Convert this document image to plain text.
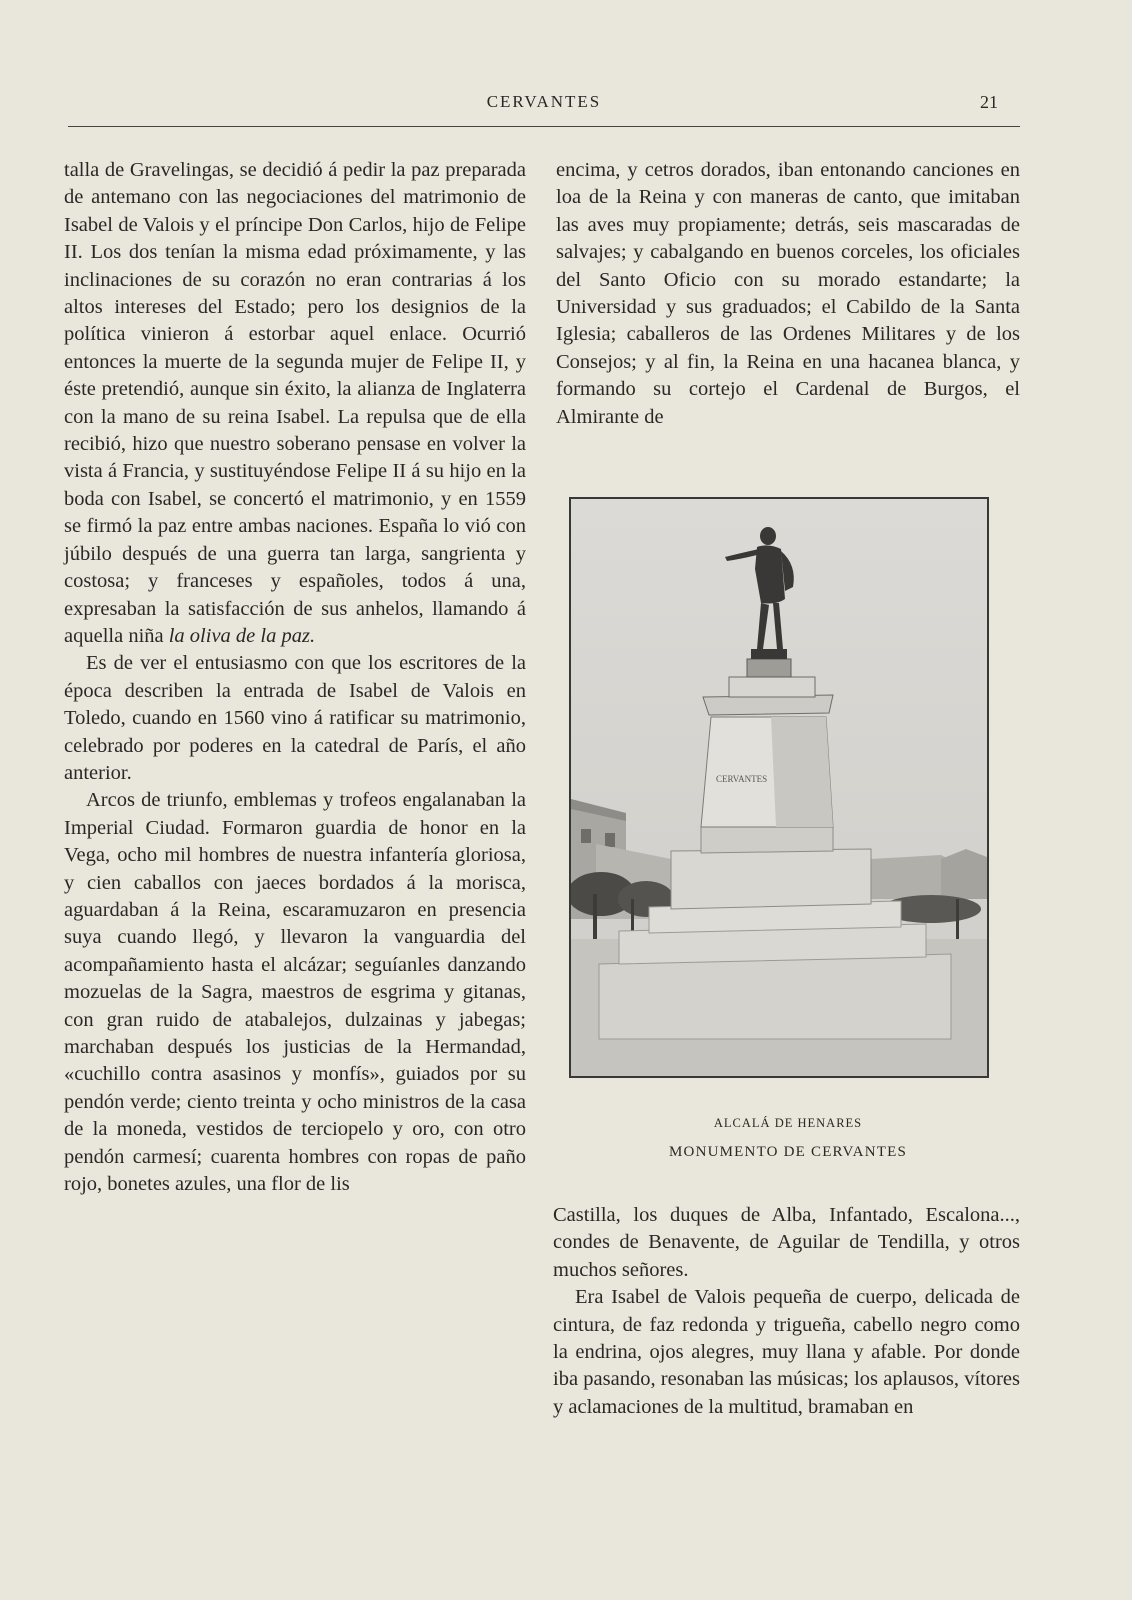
CERVANTES	21

talla de Gravelingas, se decidió á pedir la paz preparada de antemano con las negociaciones del matrimonio de Isabel de Valois y el príncipe Don Carlos, hijo de Felipe II. Los dos tenían la misma edad próximamente, y las inclinaciones de su corazón no eran contrarias á los altos intereses del Estado; pero los designios de la política vinieron á estorbar aquel enlace. Ocurrió entonces la muerte de la segunda mujer de Felipe II, y éste pretendió, aunque sin éxito, la alianza de Inglaterra con la mano de su reina Isabel. La repulsa que de ella recibió, hizo que nuestro soberano pensase en volver la vista á Francia, y sustituyéndose Felipe II á su hijo en la boda con Isabel, se concertó el matrimonio, y en 1559 se firmó la paz entre ambas naciones. España lo vió con júbilo después de una guerra tan larga, sangrienta y costosa; y franceses y españoles, todos á una, expresaban la satisfacción de sus anhelos, llamando á aquella niña la oliva de la paz.

Es de ver el entusiasmo con que los escritores de la época describen la entrada de Isabel de Valois en Toledo, cuando en 1560 vino á ratificar su matrimonio, celebrado por poderes en la catedral de París, el año anterior.

Arcos de triunfo, emblemas y trofeos engalanaban la Imperial Ciudad. Formaron guardia de honor en la Vega, ocho mil hombres de nuestra infantería gloriosa, y cien caballos con jaeces bordados á la morisca, aguardaban á la Reina, escaramuzaron en presencia suya cuando llegó, y llevaron la vanguardia del acompañamiento hasta el alcázar; seguíanles danzando mozuelas de la Sagra, maestros de esgrima y gitanas, con gran ruido de atabalejos, dulzainas y jabegas; marchaban después los justicias de la Hermandad, «cuchillo contra asasinos y monfís», guiados por su pendón verde; ciento treinta y ocho ministros de la casa de la moneda, vestidos de terciopelo y oro, con otro pendón carmesí; cuarenta hombres con ropas de paño rojo, bonetes azules, una flor de lis

encima, y cetros dorados, iban entonando canciones en loa de la Reina y con maneras de canto, que imitaban las aves muy propiamente; detrás, seis mascaradas de salvajes; y cabalgando en buenos corceles, los oficiales del Santo Oficio con su morado estandarte; la Universidad y sus graduados; el Cabildo de la Santa Iglesia; caballeros de las Ordenes Militares y de los Consejos; y al fin, la Reina en una hacanea blanca, y formando su cortejo el Cardenal de Burgos, el Almirante de

CERVANTES
ALCALÁ DE HENARES
MONUMENTO DE CERVANTES

Castilla, los duques de Alba, Infantado, Escalona..., condes de Benavente, de Aguilar de Tendilla, y otros muchos señores.

Era Isabel de Valois pequeña de cuerpo, delicada de cintura, de faz redonda y trigueña, cabello negro como la endrina, ojos alegres, muy llana y afable. Por donde iba pasando, resonaban las músicas; los aplausos, vítores y aclamaciones de la multitud, bramaban en
